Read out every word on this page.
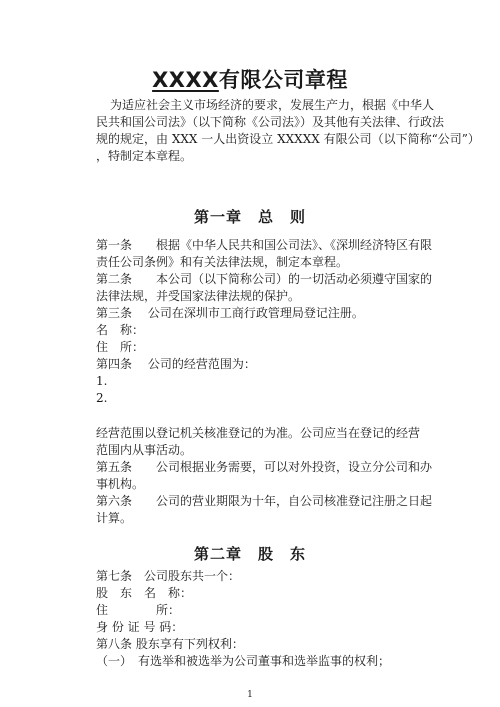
XXXX有限公司章程
为适应社会主义市场经济的要求，发展生产力，根据《中华人
民共和国公司法》（以下简称《公司法》）及其他有关法律、行政法
规的规定，由 XXX 一人出资设立 XXXXX 有限公司（以下简称“公司”）
，特制定本章程。
第一章　总　则
第一条　　根据《中华人民共和国公司法》、《深圳经济特区有限
责任公司条例》和有关法律法规，制定本章程。
第二条　　本公司（以下简称公司）的一切活动必须遵守国家的
法律法规，并受国家法律法规的保护。
第三条　 公司在深圳市工商行政管理局登记注册。
名　称：
住　所：
第四条　 公司的经营范围为：
1.
2.
经营范围以登记机关核准登记的为准。公司应当在登记的经营
范围内从事活动。
第五条　　公司根据业务需要，可以对外投资，设立分公司和办
事机构。
第六条　　公司的营业期限为十年，自公司核准登记注册之日起
计算。
第二章　股　东
第七条　公司股东共一个：
股　东　名　称：
住　　　　所：
身 份 证 号 码：
第八条 股东享有下列权利：
（一）　有选举和被选举为公司董事和选举监事的权利；
1
